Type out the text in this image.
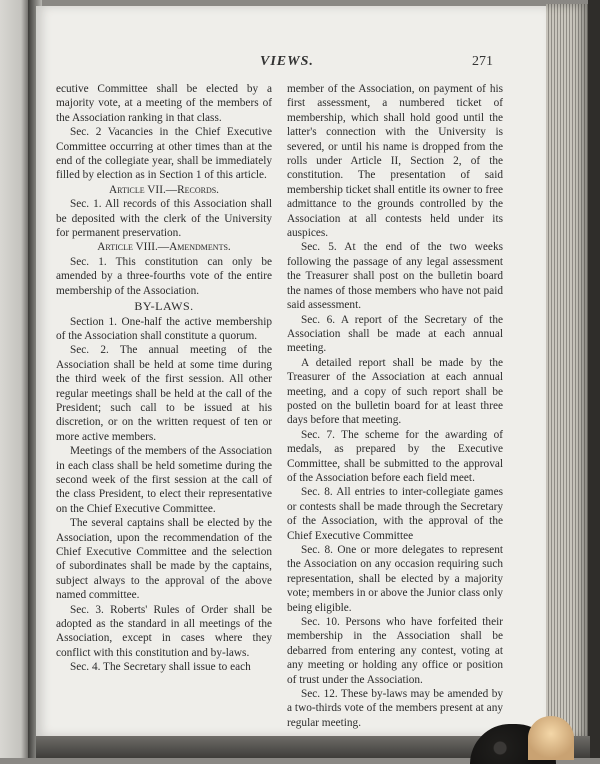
VIEWS.	271

ecutive Committee shall be elected by a majority vote, at a meeting of the members of the Association ranking in that class.

Sec. 2 Vacancies in the Chief Executive Committee occurring at other times than at the end of the collegiate year, shall be immediately filled by election as in Section 1 of this article.

Article VII.—Records.

Sec. 1. All records of this Association shall be deposited with the clerk of the University for permanent preservation.

Article VIII.—Amendments.

Sec. 1. This constitution can only be amended by a three-fourths vote of the entire membership of the Association.

BY-LAWS.

Section 1. One-half the active membership of the Association shall constitute a quorum.

Sec. 2. The annual meeting of the Association shall be held at some time during the third week of the first session. All other regular meetings shall be held at the call of the President; such call to be issued at his discretion, or on the written request of ten or more active members.

Meetings of the members of the Association in each class shall be held sometime during the second week of the first session at the call of the class President, to elect their representative on the Chief Executive Committee.

The several captains shall be elected by the Association, upon the recommendation of the Chief Executive Committee and the selection of subordinates shall be made by the captains, subject always to the approval of the above named committee.

Sec. 3. Roberts' Rules of Order shall be adopted as the standard in all meetings of the Association, except in cases where they conflict with this constitution and by-laws.

Sec. 4. The Secretary shall issue to each

member of the Association, on payment of his first assessment, a numbered ticket of membership, which shall hold good until the latter's connection with the University is severed, or until his name is dropped from the rolls under Article II, Section 2, of the constitution. The presentation of said membership ticket shall entitle its owner to free admittance to the grounds controlled by the Association at all contests held under its auspices.

Sec. 5. At the end of the two weeks following the passage of any legal assessment the Treasurer shall post on the bulletin board the names of those members who have not paid said assessment.

Sec. 6. A report of the Secretary of the Association shall be made at each annual meeting.

A detailed report shall be made by the Treasurer of the Association at each annual meeting, and a copy of such report shall be posted on the bulletin board for at least three days before that meeting.

Sec. 7. The scheme for the awarding of medals, as prepared by the Executive Committee, shall be submitted to the approval of the Association before each field meet.

Sec. 8. All entries to inter-collegiate games or contests shall be made through the Secretary of the Association, with the approval of the Chief Executive Committee

Sec. 8. One or more delegates to represent the Association on any occasion requiring such representation, shall be elected by a majority vote; members in or above the Junior class only being eligible.

Sec. 10. Persons who have forfeited their membership in the Association shall be debarred from entering any contest, voting at any meeting or holding any office or position of trust under the Association.

Sec. 12. These by-laws may be amended by a two-thirds vote of the members present at any regular meeting.
